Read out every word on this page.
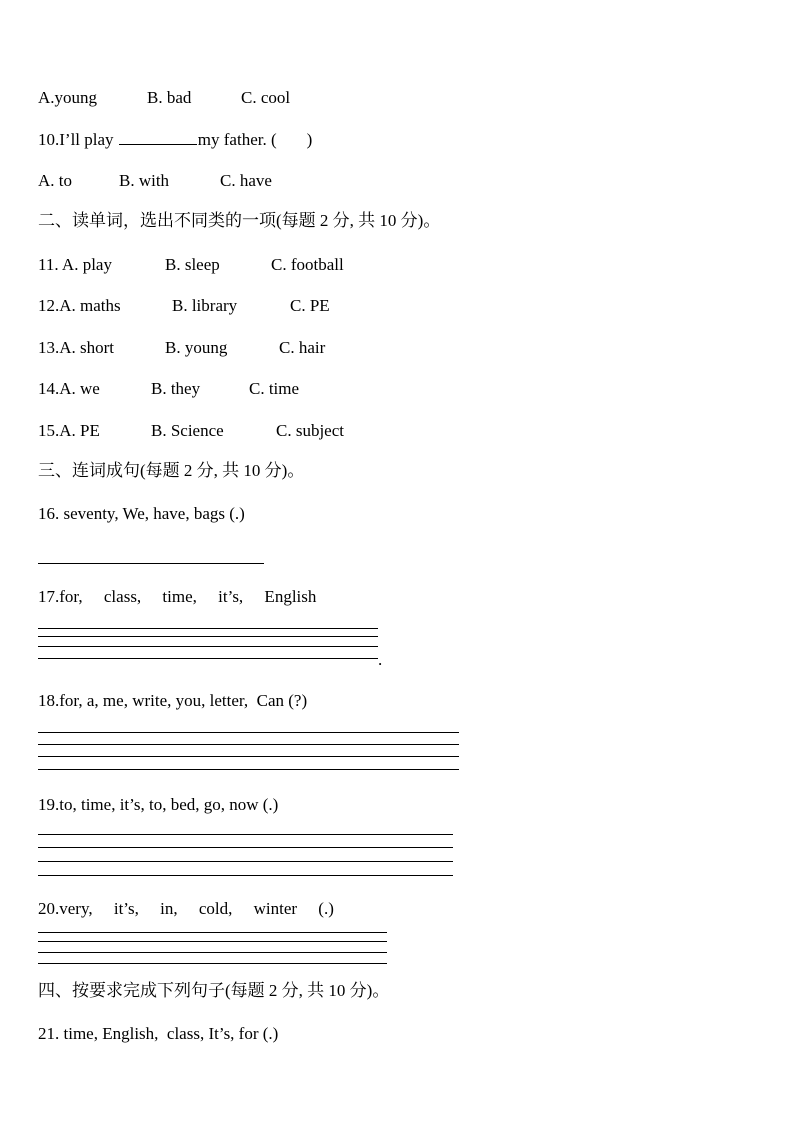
A.young	B. bad	C. cool
10.I’ll play	my father. ( )
A. to	B. with	C. have
二、读单词，选出不同类的一项(每题 2 分, 共 10 分)。
11. A. play	B. sleep	C. football
12.A. maths	B. library	C. PE
13.A. short	B. young	C. hair
14.A. we	B. they	C. time
15.A. PE	B. Science	C. subject
三、连词成句(每题 2 分, 共 10 分)。
16. seventy, We, have, bags (.)
17.for,     class,     time,     it’s,     English
.
18.for, a, me, write, you, letter,  Can (?)
19.to, time, it’s, to, bed, go, now (.)
20.very,     it’s,     in,     cold,     winter     (.)
四、按要求完成下列句子(每题 2 分, 共 10 分)。
21. time, English,  class, It’s, for (.)
